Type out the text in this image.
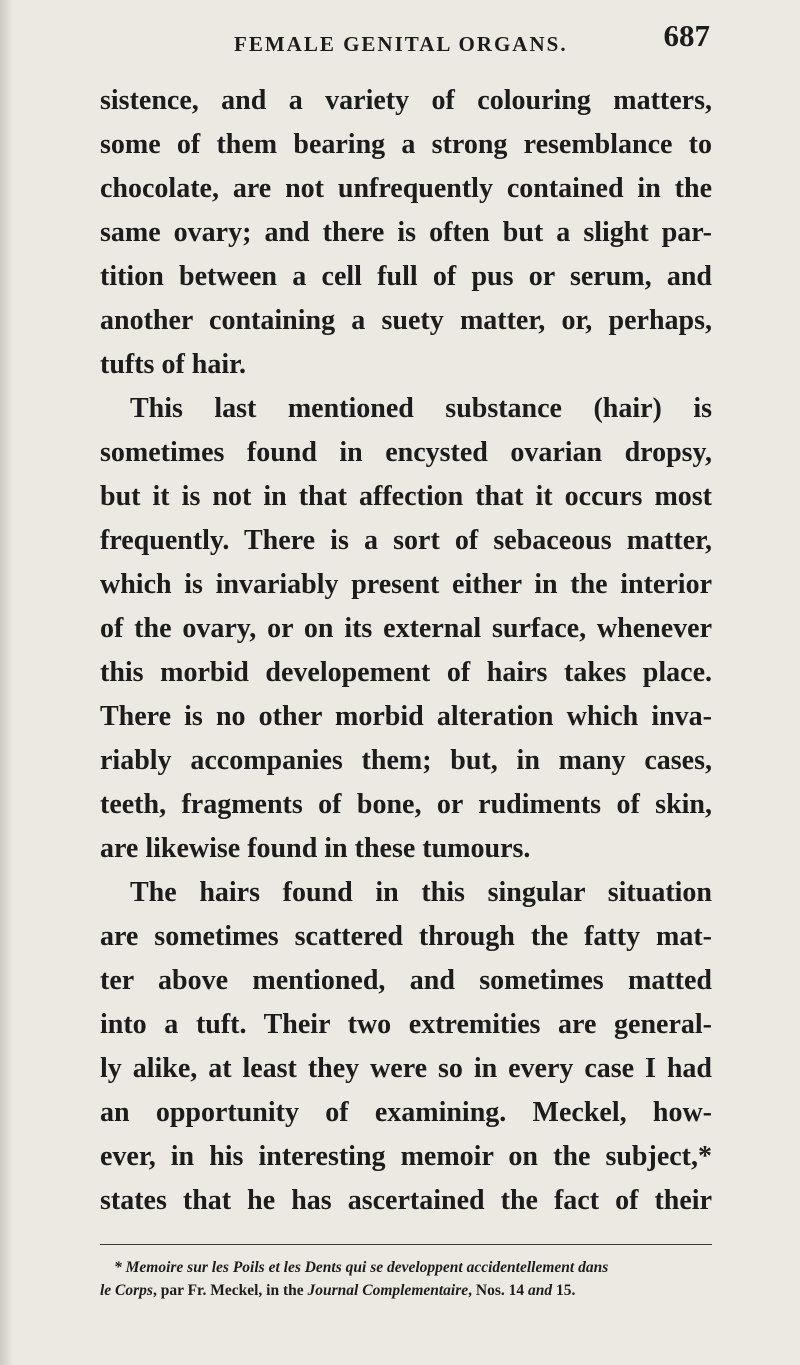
FEMALE GENITAL ORGANS.	687
sistence, and a variety of colouring matters,
some of them bearing a strong resemblance to
chocolate, are not unfrequently contained in the
same ovary; and there is often but a slight par-
tition between a cell full of pus or serum, and
another containing a suety matter, or, perhaps,
tufts of hair.
This last mentioned substance (hair) is
sometimes found in encysted ovarian dropsy,
but it is not in that affection that it occurs most
frequently. There is a sort of sebaceous matter,
which is invariably present either in the interior
of the ovary, or on its external surface, whenever
this morbid developement of hairs takes place.
There is no other morbid alteration which inva-
riably accompanies them; but, in many cases,
teeth, fragments of bone, or rudiments of skin,
are likewise found in these tumours.
The hairs found in this singular situation
are sometimes scattered through the fatty mat-
ter above mentioned, and sometimes matted
into a tuft. Their two extremities are general-
ly alike, at least they were so in every case I had
an opportunity of examining. Meckel, how-
ever, in his interesting memoir on the subject,*
states that he has ascertained the fact of their
* Memoire sur les Poils et les Dents qui se developpent accidentellement dans
le Corps, par Fr. Meckel, in the Journal Complementaire, Nos. 14 and 15.
